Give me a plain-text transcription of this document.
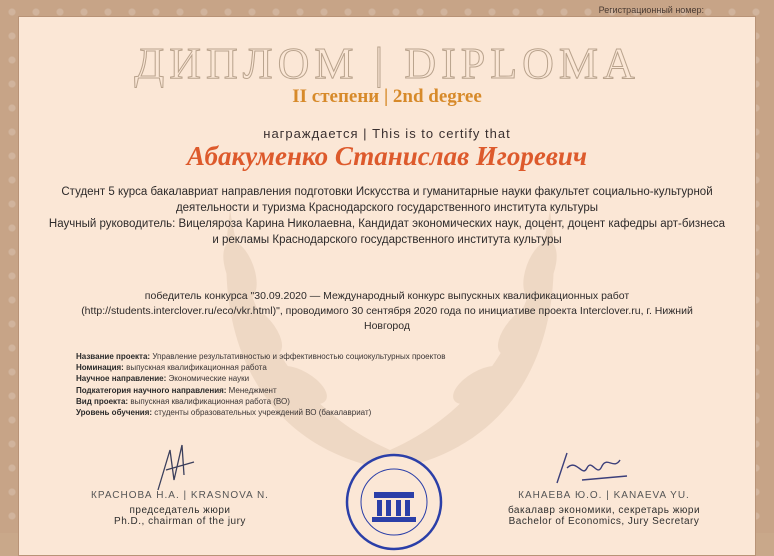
Регистрационный номер:
ДИПЛОМ | DIPLOMA
II степени | 2nd degree
награждается | This is to certify that
Абакуменко Станислав Игоревич
Студент 5 курса бакалавриат направления подготовки Искусства и гуманитарные науки факультет социально-культурной
деятельности и туризма Краснодарского государственного института культуры
Научный руководитель: Вицеляроза Карина Николаевна, Кандидат экономических наук, доцент, доцент кафедры арт-бизнеса
и рекламы Краснодарского государственного института культуры
победитель конкурса "30.09.2020 — Международный конкурс выпускных квалификационных работ
(http://students.interclover.ru/eco/vkr.html)", проводимого 30 сентября 2020 года по инициативе проекта Interclover.ru, г. Нижний
Новгород
Название проекта: Управление результативностью и эффективностью социокультурных проектов
Номинация: выпускная квалификационная работа
Научное направление: Экономические науки
Подкатегория научного направления: Менеджмент
Вид проекта: выпускная квалификационная работа (ВО)
Уровень обучения: студенты образовательных учреждений ВО (бакалавриат)
КРАСНОВА Н.А. | KRASNOVA N.
председатель жюри
Ph.D., chairman of the jury
КАНАЕВА Ю.О. | KANAEVA YU.
бакалавр экономики, секретарь жюри
Bachelor of Economics, Jury Secretary
